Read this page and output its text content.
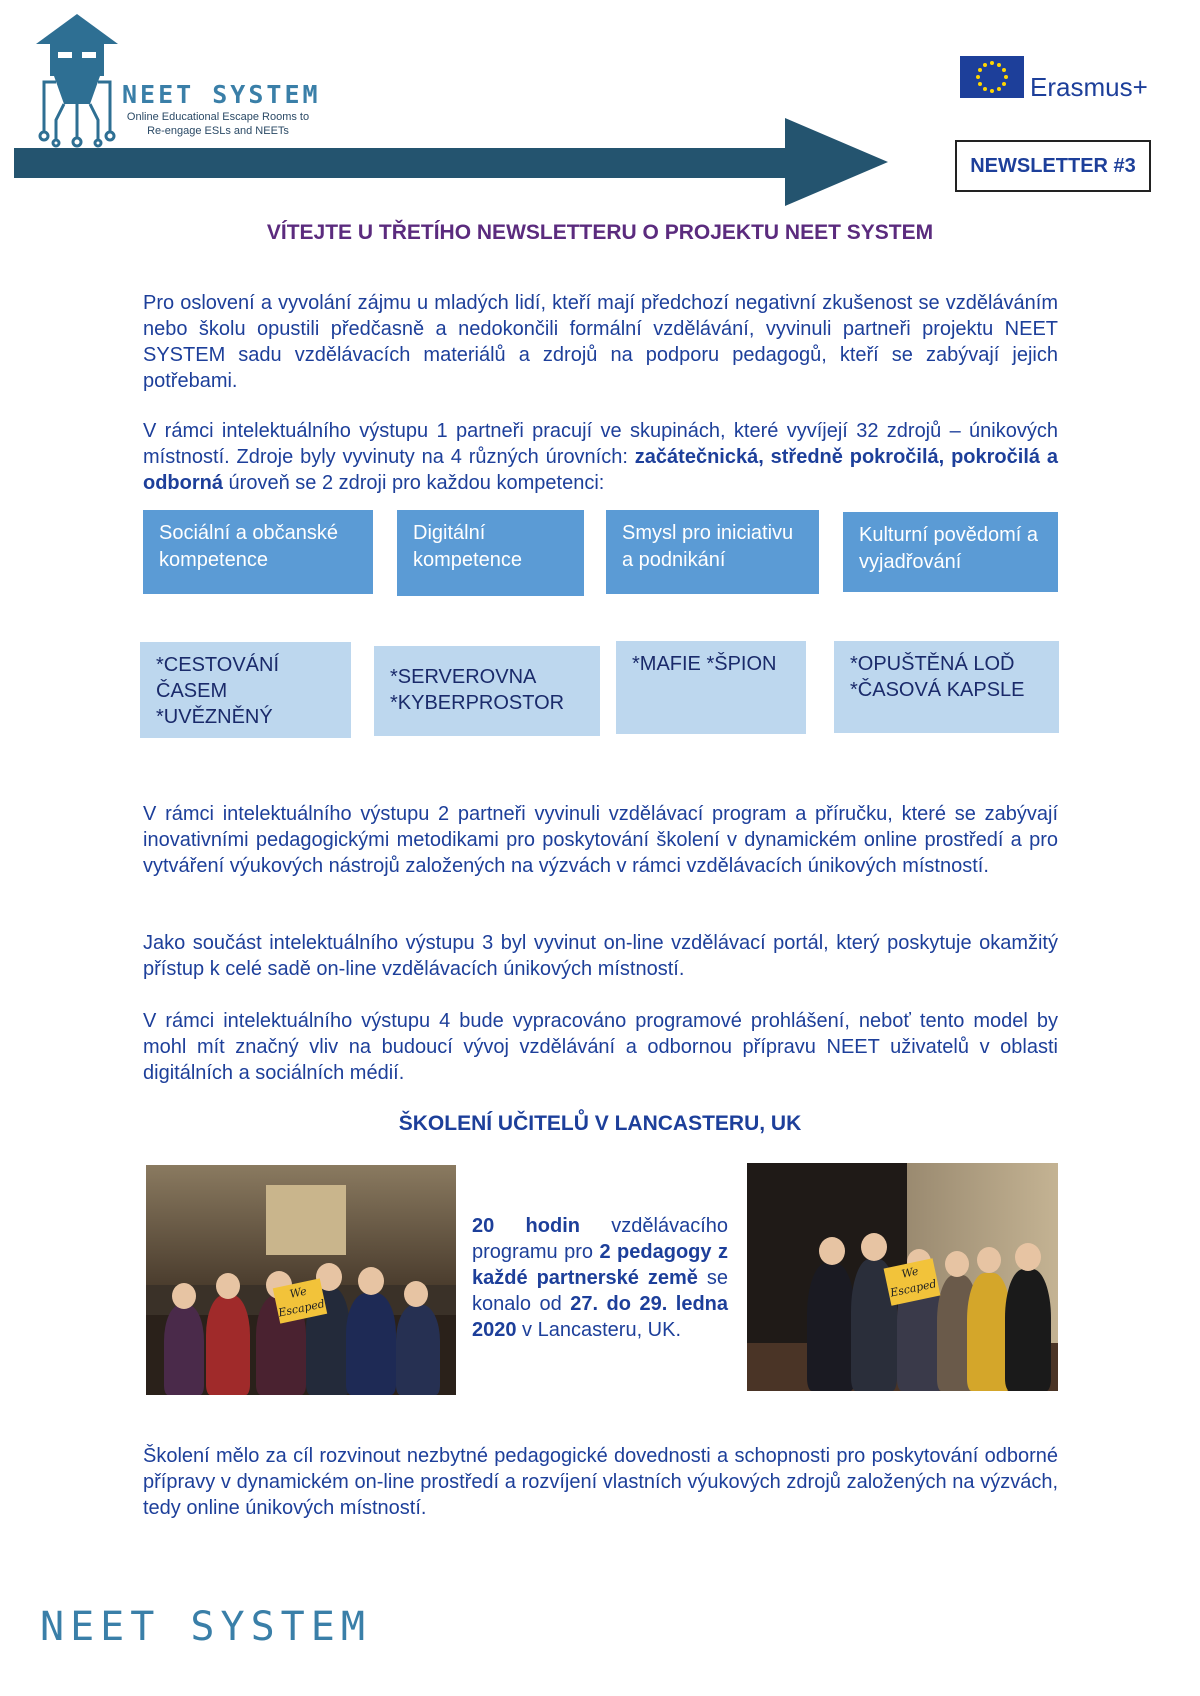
NEET SYSTEM
Online Educational Escape Rooms to Re-engage ESLs and NEETs
Erasmus+
NEWSLETTER #3
VÍTEJTE U TŘETÍHO NEWSLETTERU O PROJEKTU NEET SYSTEM
Pro oslovení a vyvolání zájmu u mladých lidí, kteří mají předchozí negativní zkušenost se vzděláváním nebo školu opustili předčasně a nedokončili formální vzdělávání, vyvinuli partneři projektu NEET SYSTEM sadu vzdělávacích materiálů a zdrojů na podporu pedagogů, kteří se zabývají jejich potřebami.
V rámci intelektuálního výstupu 1 partneři pracují ve skupinách, které vyvíjejí 32 zdrojů – únikových místností. Zdroje byly vyvinuty na 4 různých úrovních: začátečnická, středně pokročilá, pokročilá a odborná úroveň se 2 zdroji pro každou kompetenci:
Sociální a občanské kompetence
Digitální kompetence
Smysl pro iniciativu a podnikání
Kulturní povědomí a vyjadřování
*CESTOVÁNÍ ČASEM *UVĚZNĚNÝ
*SERVEROVNA *KYBERPROSTOR
*MAFIE *ŠPION	*OPUŠTĚNÁ LOĎ *ČASOVÁ KAPSLE
V rámci intelektuálního výstupu 2 partneři vyvinuli vzdělávací program a příručku, které se zabývají inovativními pedagogickými metodikami pro poskytování školení v dynamickém online prostředí a pro vytváření výukových nástrojů založených na výzvách v rámci vzdělávacích únikových místností.
Jako součást intelektuálního výstupu 3 byl vyvinut on-line vzdělávací portál, který poskytuje okamžitý přístup k celé sadě on-line vzdělávacích únikových místností.
V rámci intelektuálního výstupu 4 bude vypracováno programové prohlášení, neboť tento model by mohl mít značný vliv na budoucí vývoj vzdělávání a odbornou přípravu NEET uživatelů v oblasti digitálních a sociálních médií.
ŠKOLENÍ UČITELŮ V LANCASTERU, UK
We Escaped
20 hodin vzdělávacího programu pro 2 pedagogy z každé partnerské země se konalo od 27. do 29. ledna 2020 v Lancasteru, UK.
We Escaped
Školení mělo za cíl rozvinout nezbytné pedagogické dovednosti a schopnosti pro poskytování odborné přípravy v dynamickém on-line prostředí a rozvíjení vlastních výukových zdrojů založených na výzvách, tedy online únikových místností.
NEET SYSTEM
